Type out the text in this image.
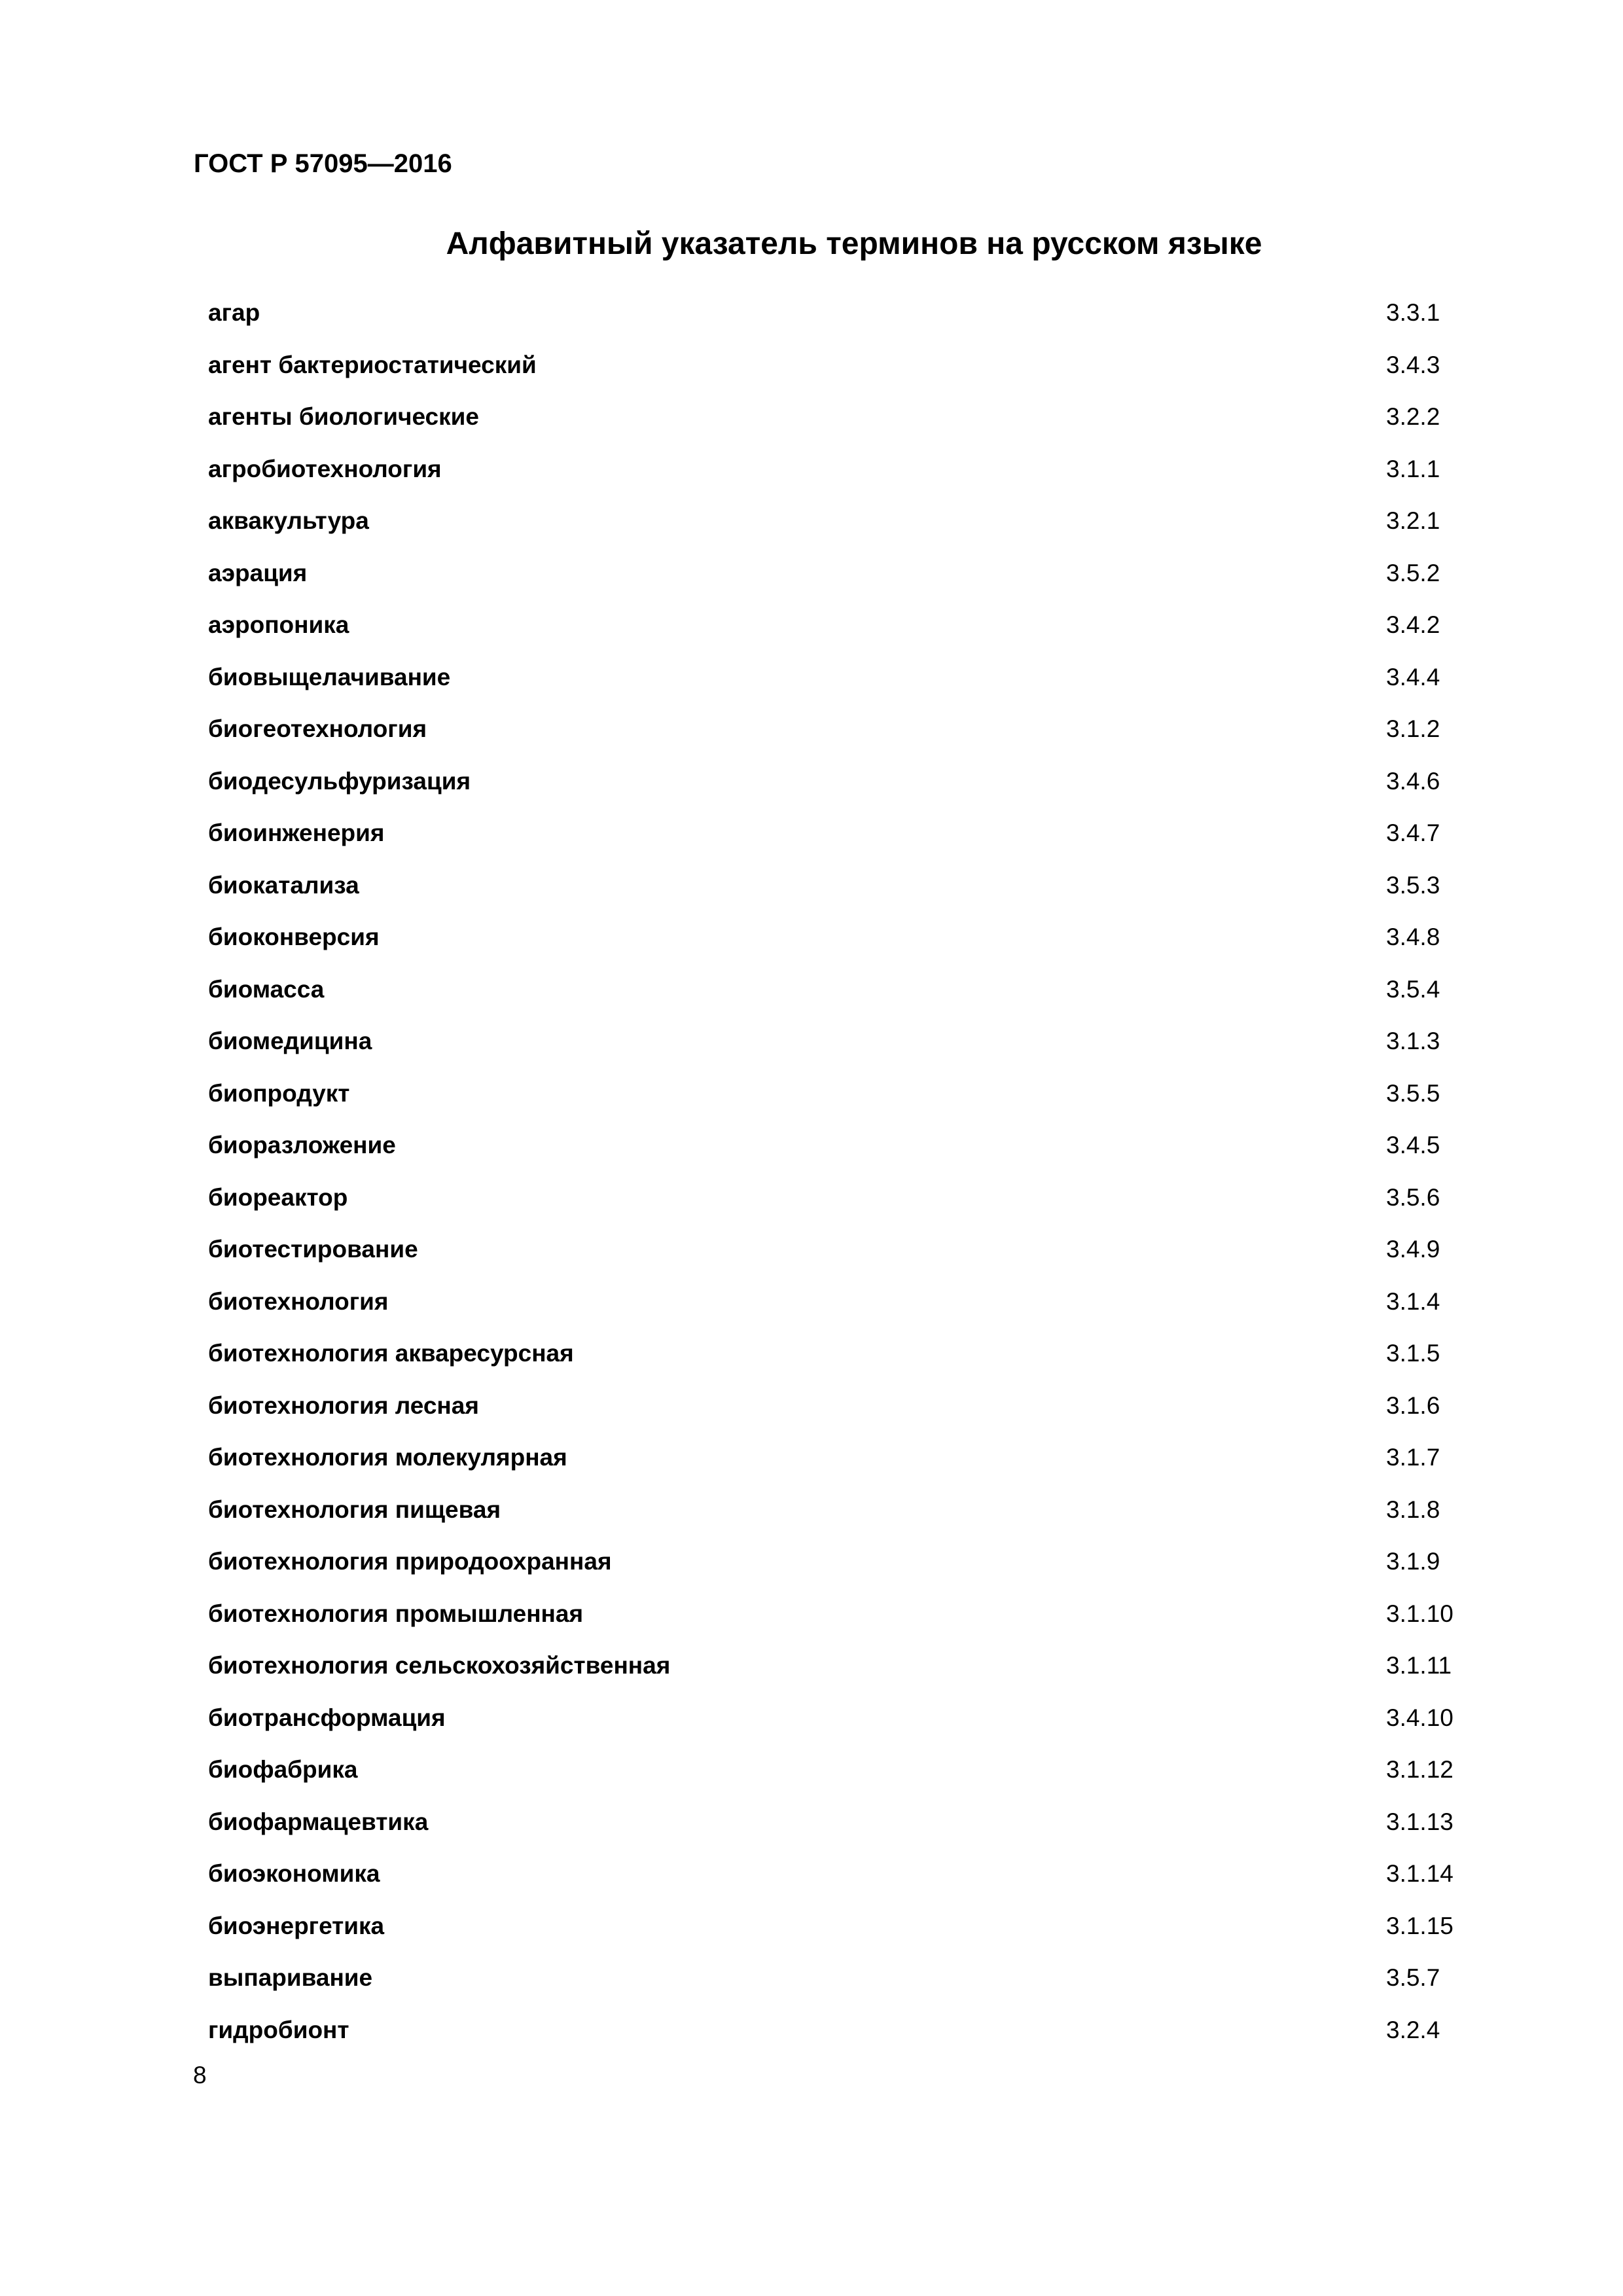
ГОСТ Р 57095—2016
Алфавитный указатель терминов на русском языке
агар	3.3.1
агент бактериостатический	3.4.3
агенты биологические	3.2.2
агробиотехнология	3.1.1
аквакультура	3.2.1
аэрация	3.5.2
аэропоника	3.4.2
биовыщелачивание	3.4.4
биогеотехнология	3.1.2
биодесульфуризация	3.4.6
биоинженерия	3.4.7
биокатализа	3.5.3
биоконверсия	3.4.8
биомасса	3.5.4
биомедицина	3.1.3
биопродукт	3.5.5
биоразложение	3.4.5
биореактор	3.5.6
биотестирование	3.4.9
биотехнология	3.1.4
биотехнология акваресурсная	3.1.5
биотехнология лесная	3.1.6
биотехнология молекулярная	3.1.7
биотехнология пищевая	3.1.8
биотехнология природоохранная	3.1.9
биотехнология промышленная	3.1.10
биотехнология сельскохозяйственная	3.1.11
биотрансформация	3.4.10
биофабрика	3.1.12
биофармацевтика	3.1.13
биоэкономика	3.1.14
биоэнергетика	3.1.15
выпаривание	3.5.7
гидробионт	3.2.4
8
